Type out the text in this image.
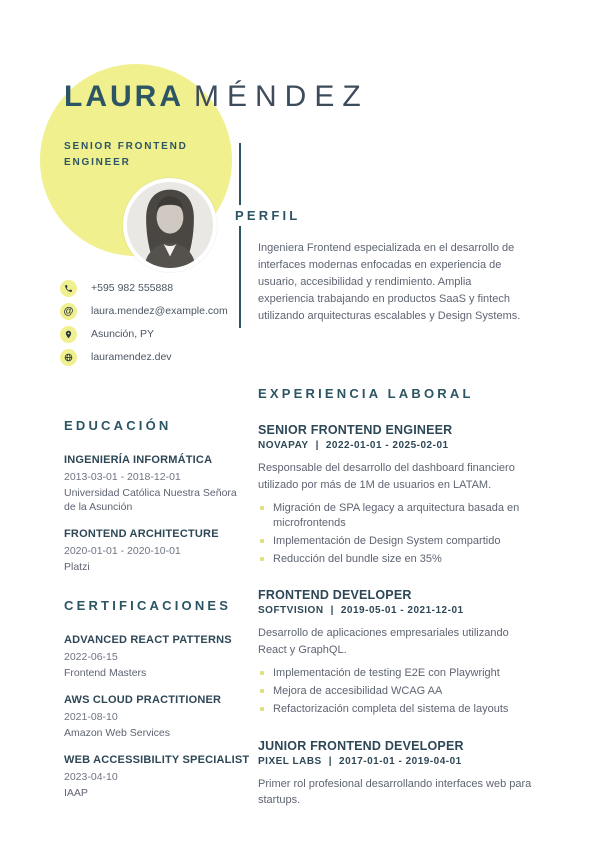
LAURA MÉNDEZ
SENIOR FRONTEND ENGINEER
PERFIL

Ingeniera Frontend especializada en el desarrollo de interfaces modernas enfocadas en experiencia de usuario, accesibilidad y rendimiento. Amplia experiencia trabajando en productos SaaS y fintech utilizando arquitecturas escalables y Design Systems.

+595 982 555888
@	laura.mendez@example.com
Asunción, PY
lauramendez.dev
EDUCACIÓN
INGENIERÍA INFORMÁTICA
2013-03-01 - 2018-12-01
Universidad Católica Nuestra Señora de la Asunción
FRONTEND ARCHITECTURE
2020-01-01 - 2020-10-01
Platzi
CERTIFICACIONES
ADVANCED REACT PATTERNS
2022-06-15
Frontend Masters
AWS CLOUD PRACTITIONER
2021-08-10
Amazon Web Services
WEB ACCESSIBILITY SPECIALIST
2023-04-10
IAAP
EXPERIENCIA LABORAL
SENIOR FRONTEND ENGINEER
NOVAPAY | 2022-01-01 - 2025-02-01

Responsable del desarrollo del dashboard financiero utilizado por más de 1M de usuarios en LATAM.

Migración de SPA legacy a arquitectura basada en microfrontends
Implementación de Design System compartido
Reducción del bundle size en 35%
FRONTEND DEVELOPER
SOFTVISION | 2019-05-01 - 2021-12-01

Desarrollo de aplicaciones empresariales utilizando React y GraphQL.

Implementación de testing E2E con Playwright
Mejora de accesibilidad WCAG AA
Refactorización completa del sistema de layouts
JUNIOR FRONTEND DEVELOPER
PIXEL LABS | 2017-01-01 - 2019-04-01

Primer rol profesional desarrollando interfaces web para startups.
